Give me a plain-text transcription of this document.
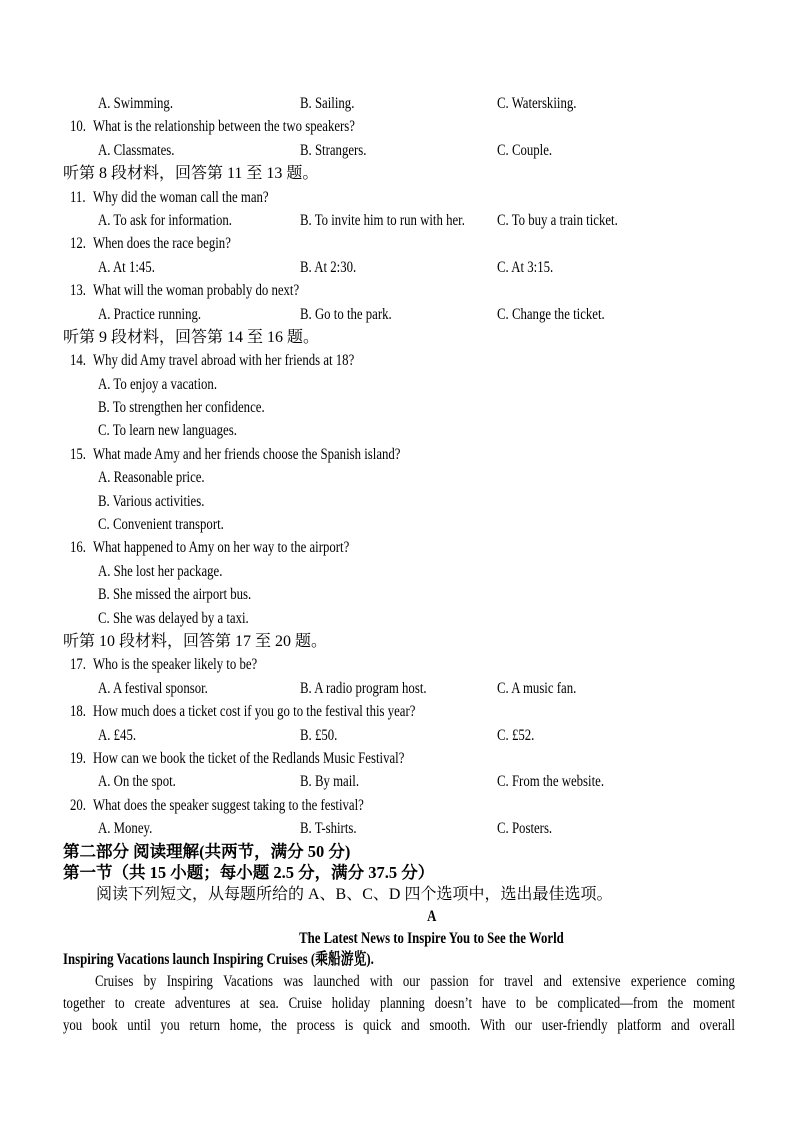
A. Swimming.	B. Sailing.	C. Waterskiing.
10. What is the relationship between the two speakers?
A. Classmates.	B. Strangers.	C. Couple.
听第 8 段材料，回答第 11 至 13 题。
11. Why did the woman call the man?
A. To ask for information.	B. To invite him to run with her. C. To buy a train ticket.
12. When does the race begin?
A. At 1:45.	B. At 2:30.	C. At 3:15.
13. What will the woman probably do next?
A. Practice running.	B. Go to the park.	C. Change the ticket.
听第 9 段材料，回答第 14 至 16 题。
14. Why did Amy travel abroad with her friends at 18?
A. To enjoy a vacation.
B. To strengthen her confidence.
C. To learn new languages.
15. What made Amy and her friends choose the Spanish island?
A. Reasonable price.
B. Various activities.
C. Convenient transport.
16. What happened to Amy on her way to the airport?
A. She lost her package.
B. She missed the airport bus.
C. She was delayed by a taxi.
听第 10 段材料，回答第 17 至 20 题。
17. Who is the speaker likely to be?
A. A festival sponsor.	B. A radio program host.	C. A music fan.
18. How much does a ticket cost if you go to the festival this year?
A. £45.	B. £50.	C. £52.
19. How can we book the ticket of the Redlands Music Festival?
A. On the spot.	B. By mail.	C. From the website.
20. What does the speaker suggest taking to the festival?
A. Money.	B. T-shirts.	C. Posters.
第二部分 阅读理解(共两节，满分 50 分)
第一节（共 15 小题；每小题 2.5 分，满分 37.5 分）
阅读下列短文，从每题所给的 A、B、C、D 四个选项中，选出最佳选项。
A
The Latest News to Inspire You to See the World
Inspiring Vacations launch Inspiring Cruises (乘船游览).
Cruises by Inspiring Vacations was launched with our passion for travel and extensive experience coming
together to create adventures at sea. Cruise holiday planning doesn’t have to be complicated—from the moment
you book until you return home, the process is quick and smooth. With our user-friendly platform and overall
